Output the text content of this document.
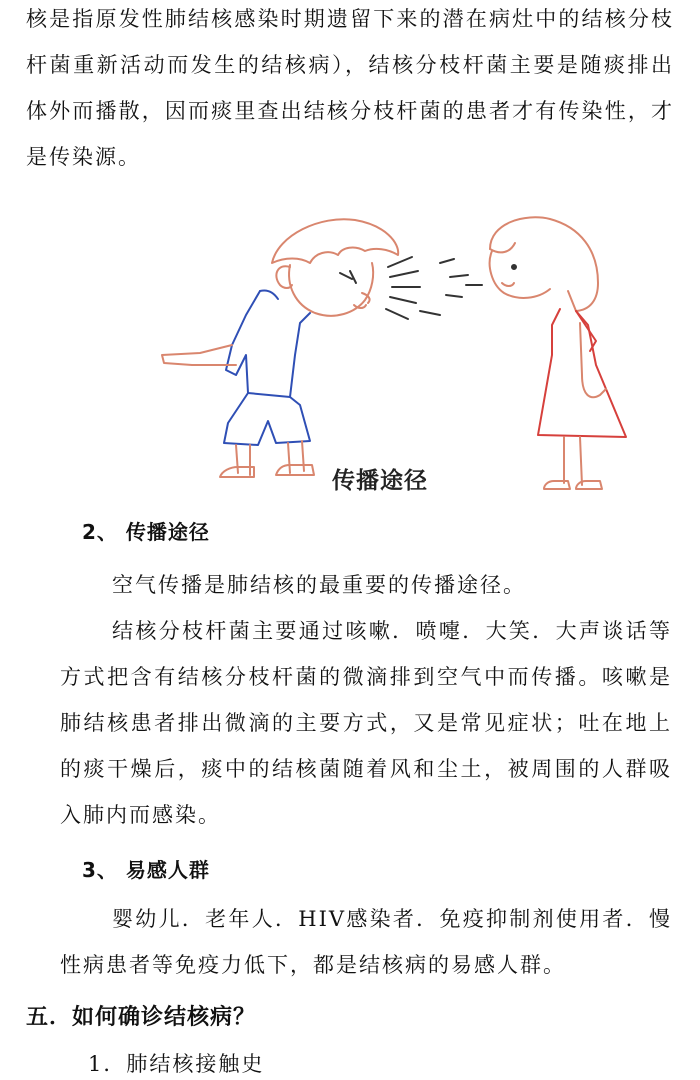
核是指原发性肺结核感染时期遗留下来的潜在病灶中的结核分枝杆菌重新活动而发生的结核病），结核分枝杆菌主要是随痰排出体外而播散，因而痰里查出结核分枝杆菌的患者才有传染性，才是传染源。

传播途径
2、 传播途径

空气传播是肺结核的最重要的传播途径。

结核分枝杆菌主要通过咳嗽．喷嚏．大笑．大声谈话等方式把含有结核分枝杆菌的微滴排到空气中而传播。咳嗽是肺结核患者排出微滴的主要方式，又是常见症状；吐在地上的痰干燥后，痰中的结核菌随着风和尘土，被周围的人群吸入肺内而感染。

3、 易感人群

婴幼儿．老年人．HIV感染者．免疫抑制剂使用者．慢性病患者等免疫力低下，都是结核病的易感人群。

五．如何确诊结核病？

1．肺结核接触史
